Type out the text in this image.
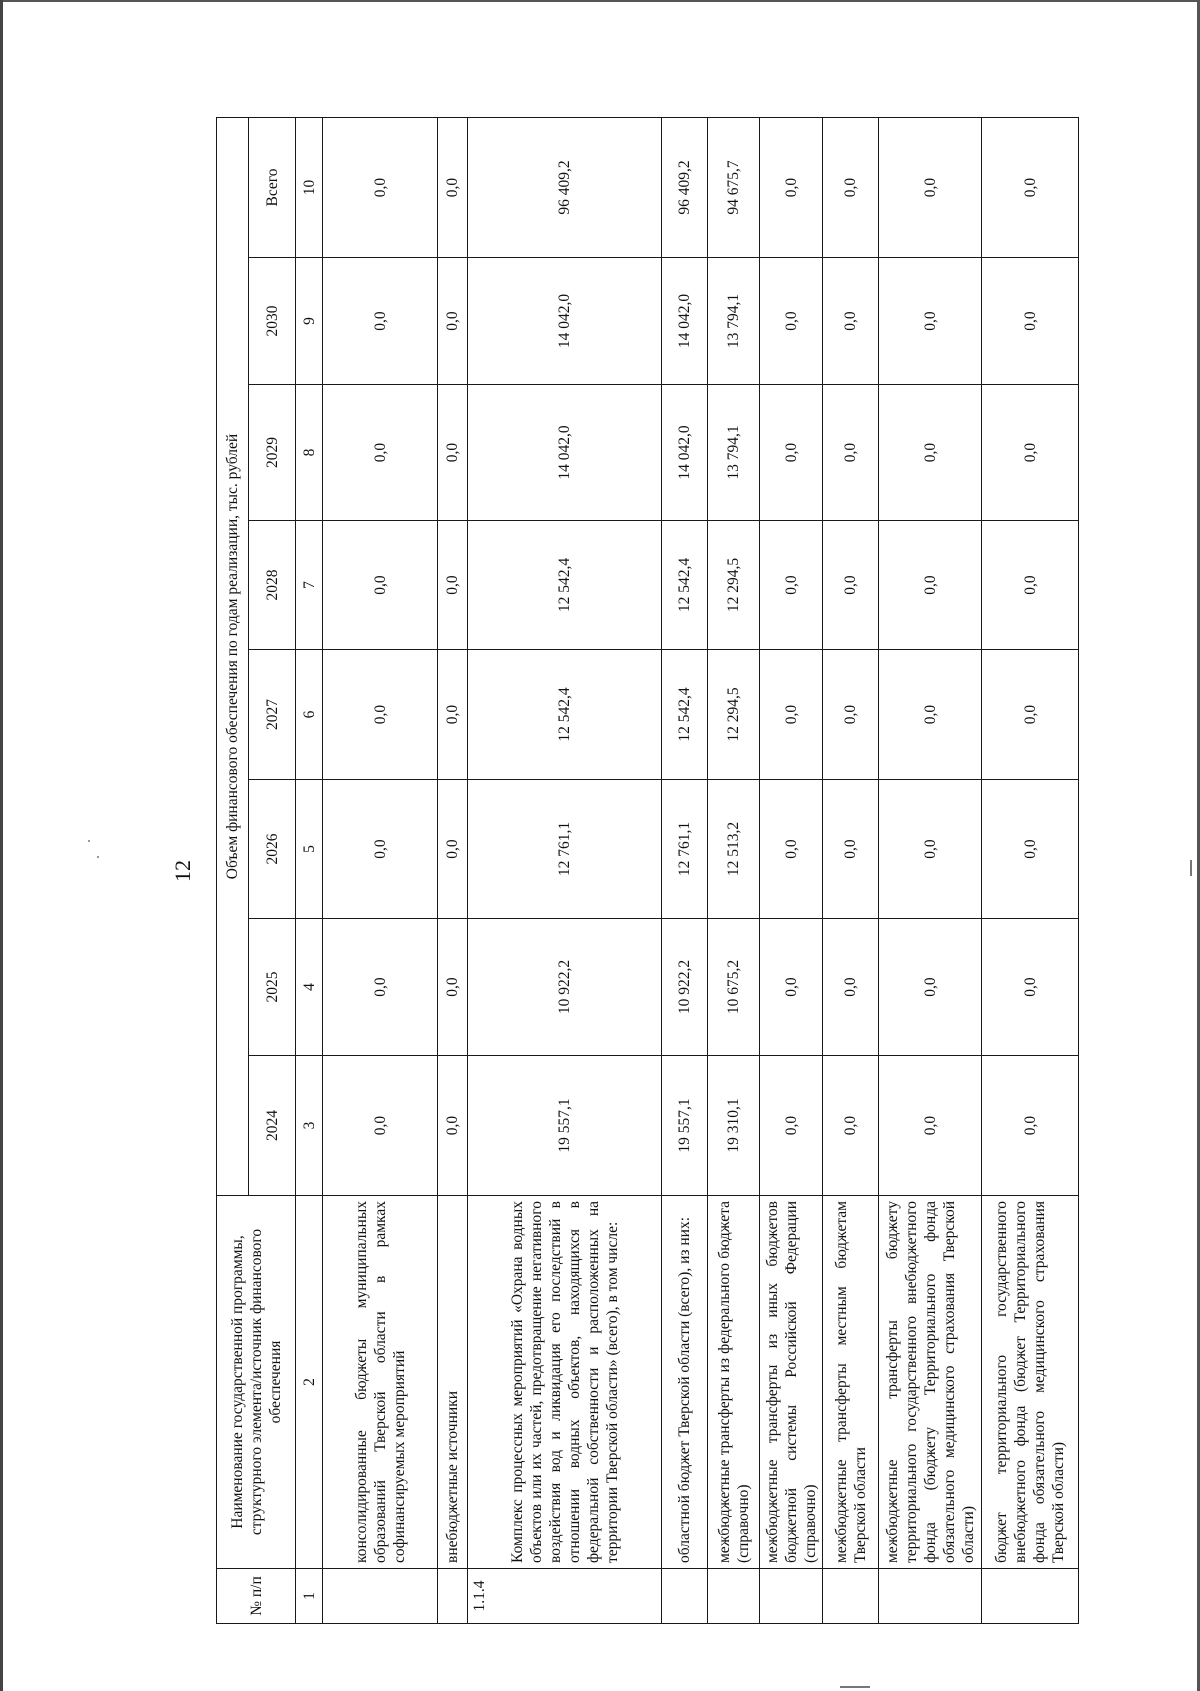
12
№ п/п	Наименование государственной программы, структурного элемента/источник финансового обеспечения	Объем финансового обеспечения по годам реализации, тыс. рублей							
		2024	2025	2026	2027	2028	2029	2030	Всего
1	2	3	4	5	6	7	8	9	10
	консолидированные бюджеты муниципальных образований Тверской области в рамках софинансируемых мероприятий	0,0	0,0	0,0	0,0	0,0	0,0	0,0	0,0
	внебюджетные источники	0,0	0,0	0,0	0,0	0,0	0,0	0,0	0,0
1.1.4	Комплекс процессных мероприятий «Охрана водных объектов или их частей, предотвращение негативного воздействия вод и ликвидация его последствий в отношении водных объектов, находящихся в федеральной собственности и расположенных на территории Тверской области» (всего), в том числе:	19 557,1	10 922,2	12 761,1	12 542,4	12 542,4	14 042,0	14 042,0	96 409,2
	областной бюджет Тверской области (всего), из них:	19 557,1	10 922,2	12 761,1	12 542,4	12 542,4	14 042,0	14 042,0	96 409,2
	межбюджетные трансферты из федерального бюджета (справочно)	19 310,1	10 675,2	12 513,2	12 294,5	12 294,5	13 794,1	13 794,1	94 675,7
	межбюджетные трансферты из иных бюджетов бюджетной системы Российской Федерации (справочно)	0,0	0,0	0,0	0,0	0,0	0,0	0,0	0,0
	межбюджетные трансферты местным бюджетам Тверской области	0,0	0,0	0,0	0,0	0,0	0,0	0,0	0,0
	межбюджетные трансферты бюджету территориального государственного внебюджетного фонда (бюджету Территориального фонда обязательного медицинского страхования Тверской области)	0,0	0,0	0,0	0,0	0,0	0,0	0,0	0,0
	бюджет территориального государственного внебюджетного фонда (бюджет Территориального фонда обязательного медицинского страхования Тверской области)	0,0	0,0	0,0	0,0	0,0	0,0	0,0	0,0
